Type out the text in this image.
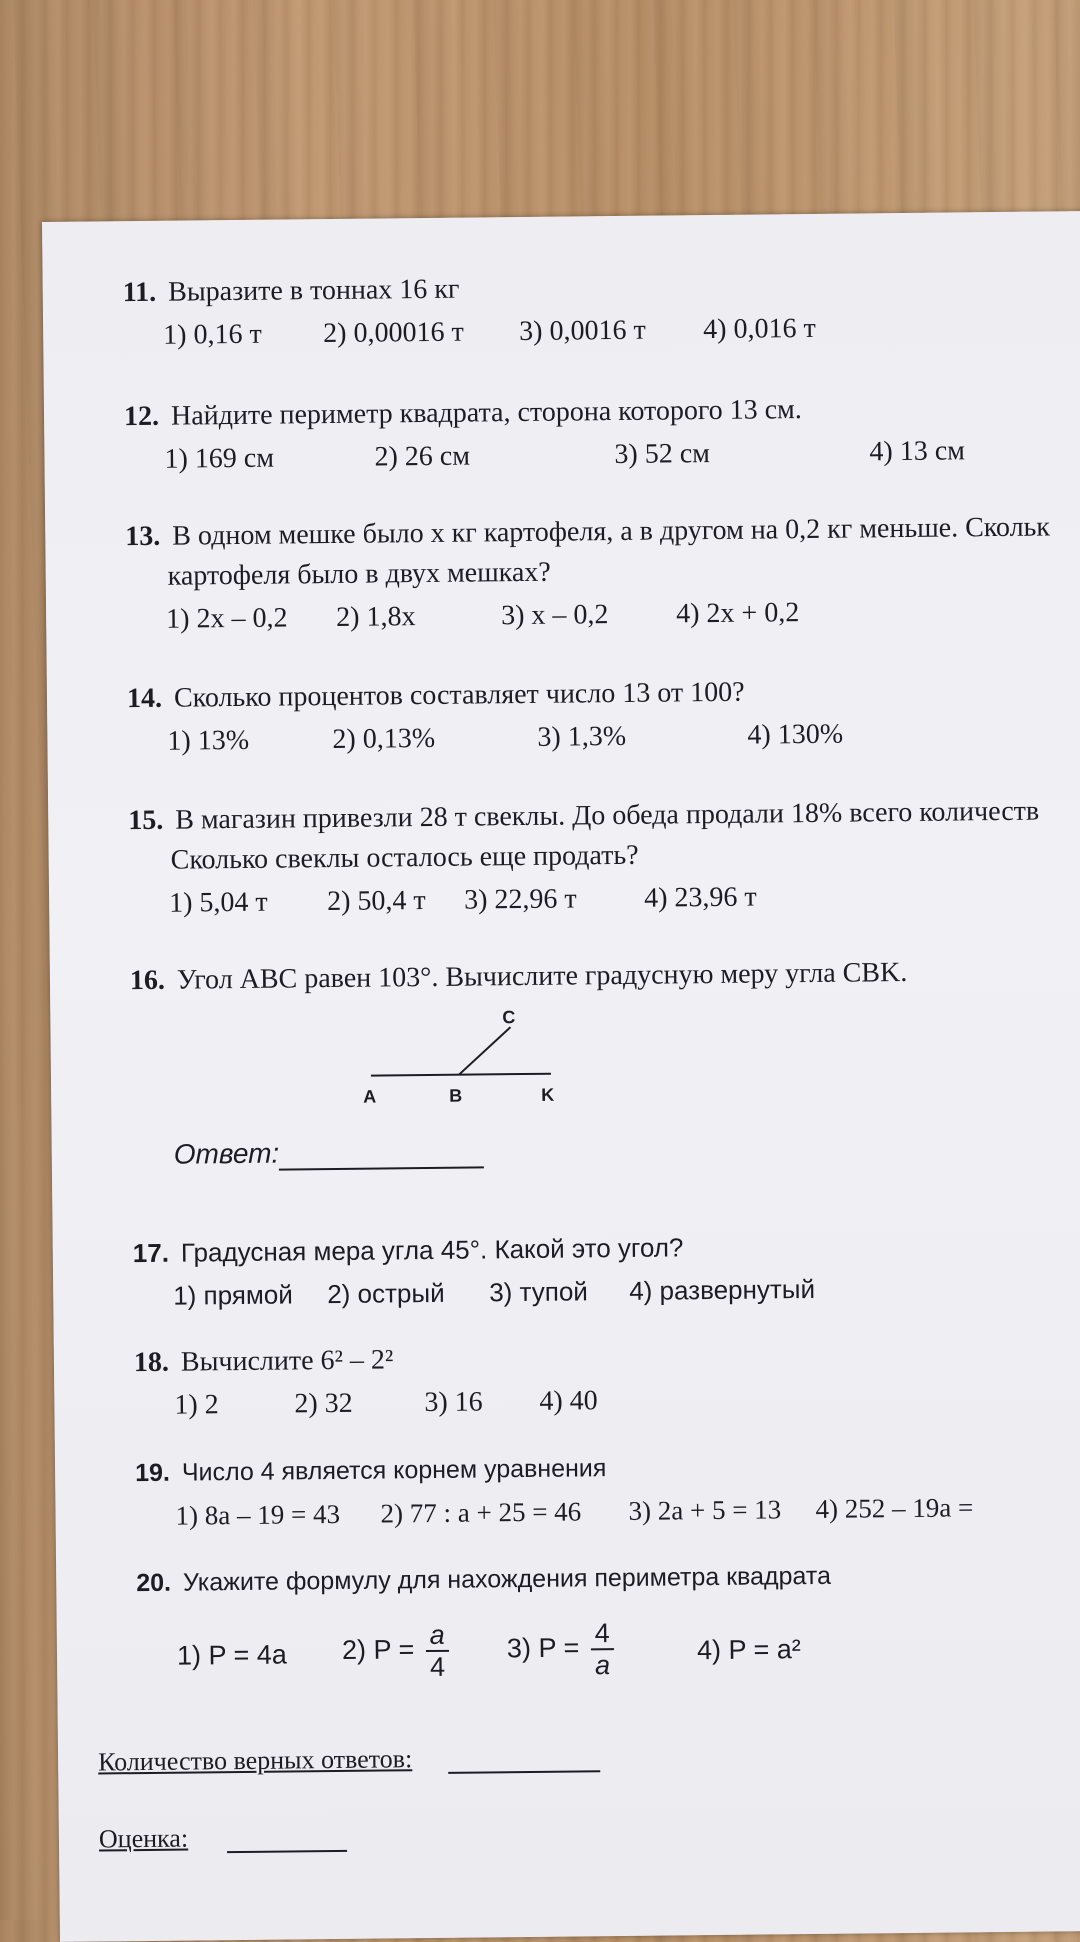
11. Выразите в тоннах 16 кг
1) 0,16 т 2) 0,00016 т 3) 0,0016 т 4) 0,016 т
12. Найдите периметр квадрата, сторона которого 13 см.
1) 169 см	2) 26 см	3) 52 см	4) 13 см
13. В одном мешке было x кг картофеля, а в другом на 0,2 кг меньше. Скольк
картофеля было в двух мешках?
1) 2x – 0,2 2) 1,8x	3) x – 0,2 4) 2x + 0,2
14. Сколько процентов составляет число 13 от 100?
1) 13%	2) 0,13%	3) 1,3%	4) 130%
15. В магазин привезли 28 т свеклы. До обеда продали 18% всего количеств
Сколько свеклы осталось еще продать?
1) 5,04 т 2) 50,4 т 3) 22,96 т 4) 23,96 т
16. Угол ABC равен 103°. Вычислите градусную меру угла CBK.
A	B
C
K
Ответ:
17. Градусная мера угла 45°. Какой это угол?
1) прямой 2) острый 3) тупой 4) развернутый
18. Вычислите 6² – 2²
1) 2	2) 32	3) 16 4) 40
19. Число 4 является корнем уравнения
1) 8a – 19 = 43 2) 77 : a + 25 = 46 3) 2a + 5 = 13 4) 252 – 19a =
20. Укажите формулу для нахождения периметра квадрата
1) P = 4a 2) $P = \frac{a}{4} 3$) $P = \frac{4}{a}$	4) P = a²
Количество верных ответов:
Оценка:
